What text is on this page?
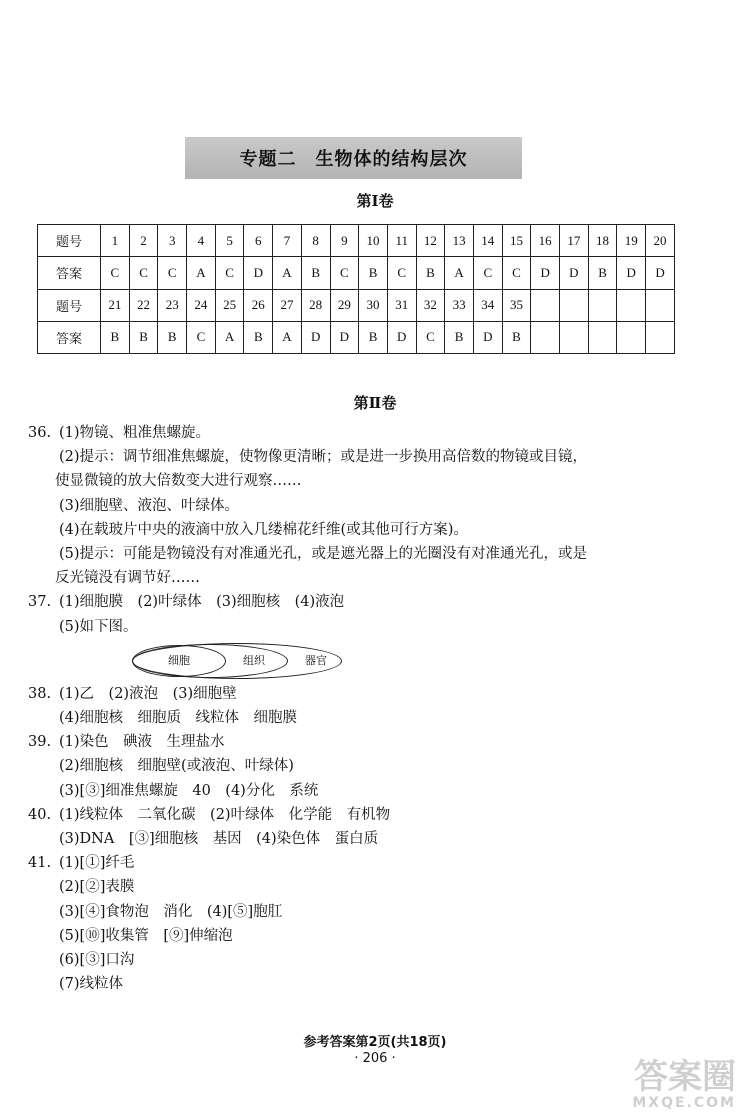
专题二　生物体的结构层次
第Ⅰ卷
题号	1	2	3	4	5	6	7	8	9	10	11	12	13	14	15	16	17	18	19	20
答案	C	C	C	A	C	D	A	B	C	B	C	B	A	C	C	D	D	B	D	D
题号	21	22	23	24	25	26	27	28	29	30	31	32	33	34	35					
答案	B	B	B	C	A	B	A	D	D	B	D	C	B	D	B					
第Ⅱ卷
36. (1)物镜、粗准焦螺旋。
(2)提示：调节细准焦螺旋，使物像更清晰；或是进一步换用高倍数的物镜或目镜，
使显微镜的放大倍数变大进行观察……
(3)细胞壁、液泡、叶绿体。
(4)在载玻片中央的液滴中放入几缕棉花纤维(或其他可行方案)。
(5)提示：可能是物镜没有对准通光孔，或是遮光器上的光圈没有对准通光孔，或是
反光镜没有调节好……
37. (1)细胞膜　(2)叶绿体　(3)细胞核　(4)液泡
(5)如下图。
器官
组织
细胞
38. (1)乙　(2)液泡　(3)细胞壁
(4)细胞核　细胞质　线粒体　细胞膜
39. (1)染色　碘液　生理盐水
(2)细胞核　细胞壁(或液泡、叶绿体)
(3)[③]细准焦螺旋　40　(4)分化　系统
40. (1)线粒体　二氧化碳　(2)叶绿体　化学能　有机物
(3)DNA　[③]细胞核　基因　(4)染色体　蛋白质
41. (1)[①]纤毛
(2)[②]表膜
(3)[④]食物泡　消化　(4)[⑤]胞肛
(5)[⑩]收集管　[⑨]伸缩泡
(6)[③]口沟
(7)线粒体
参考答案第2页(共18页)
· 206 ·	答案圈
MXQE.COM
